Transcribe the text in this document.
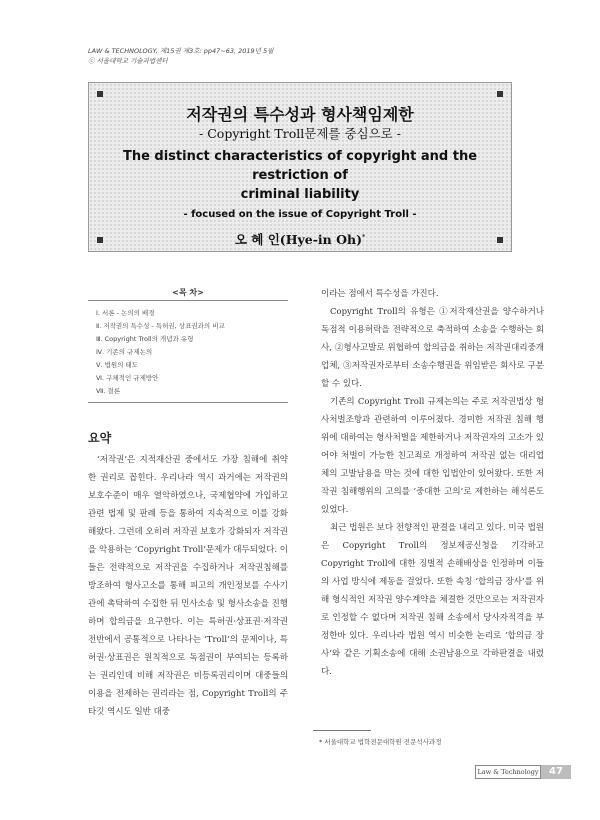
LAW & TECHNOLOGY, 제15권 제3호: pp47~63, 2019년 5월
ⓒ 서울대학교 기술과법센터
저작권의 특수성과 형사책임제한
- Copyright Troll문제를 중심으로 -
The distinct characteristics of copyright and the restriction of
criminal liability
- focused on the issue of Copyright Troll -
오 혜 인(Hye-in Oh)*
<목 차>
Ⅰ. 서론 - 논의의 배경
Ⅱ. 저작권의 특수성 - 특허권, 상표권과의 비교
Ⅲ. Copyright Troll의 개념과 유형
Ⅳ. 기존의 규제논의
Ⅴ. 법원의 태도
Ⅵ. 구체적인 규제방안
Ⅶ. 결론
요약

‘저작권’은 지적재산권 중에서도 가장 침해에 취약한 권리로 꼽힌다. 우리나라 역시 과거에는 저작권의 보호수준이 매우 열악하였으나, 국제협약에 가입하고 관련 법제 및 판례 등을 통하여 지속적으로 이를 강화해왔다. 그런데 오히려 저작권 보호가 강화되자 저작권을 악용하는 ‘Copyright Troll’문제가 대두되었다. 이들은 전략적으로 저작권을 수집하거나 저작권침해를 방조하여 형사고소를 통해 피고의 개인정보를 수사기관에 촉탁하여 수집한 뒤 민사소송 및 형사소송을 진행하며 합의금을 요구한다. 이는 특허권·상표권·저작권 전반에서 공통적으로 나타나는 ‘Troll’의 문제이나, 특허권·상표권은 원칙적으로 독점권이 부여되는 등록하는 권리인데 비해 저작권은 비등록권리이며 대중들의 이용을 전제하는 권리라는 점, Copyright Troll의 주 타깃 역시도 일반 대중

이라는 점에서 특수성을 가진다.

Copyright Troll의 유형은 ①저작재산권을 양수하거나 독점적 이용허락을 전략적으로 축적하여 소송을 수행하는 회사, ②형사고발로 위협하여 합의금을 취하는 저작권대리중개업체, ③저작권자로부터 소송수행권을 위임받은 회사로 구분할 수 있다.

기존의 Copyright Troll 규제논의는 주로 저작권법상 형사처벌조항과 관련하여 이루어졌다. 경미한 저작권 침해 행위에 대하여는 형사처벌을 제한하거나 저작권자의 고소가 있어야 처벌이 가능한 친고죄로 개정하여 저작권 없는 대리업체의 고발남용을 막는 것에 대한 입법안이 있어왔다. 또한 저작권 침해행위의 고의를 ‘중대한 고의’로 제한하는 해석론도 있었다.

최근 법원은 보다 전향적인 판결을 내리고 있다. 미국 법원은 Copyright Troll의 정보제공신청을 기각하고 Copyright Troll에 대한 징벌적 손해배상을 인정하며 이들의 사업 방식에 제동을 걸었다. 또한 속칭 ‘합의금 장사’를 위해 형식적인 저작권 양수계약을 체결한 것만으로는 저작권자로 인정할 수 없다며 저작권 침해 소송에서 당사자적격을 부정한바 있다. 우리나라 법원 역시 비슷한 논리로 ‘합의금 장사’와 같은 기획소송에 대해 소권남용으로 각하판결을 내렸다.

* 서울대학교 법학전문대학원 전문석사과정
Law & Technology	47
